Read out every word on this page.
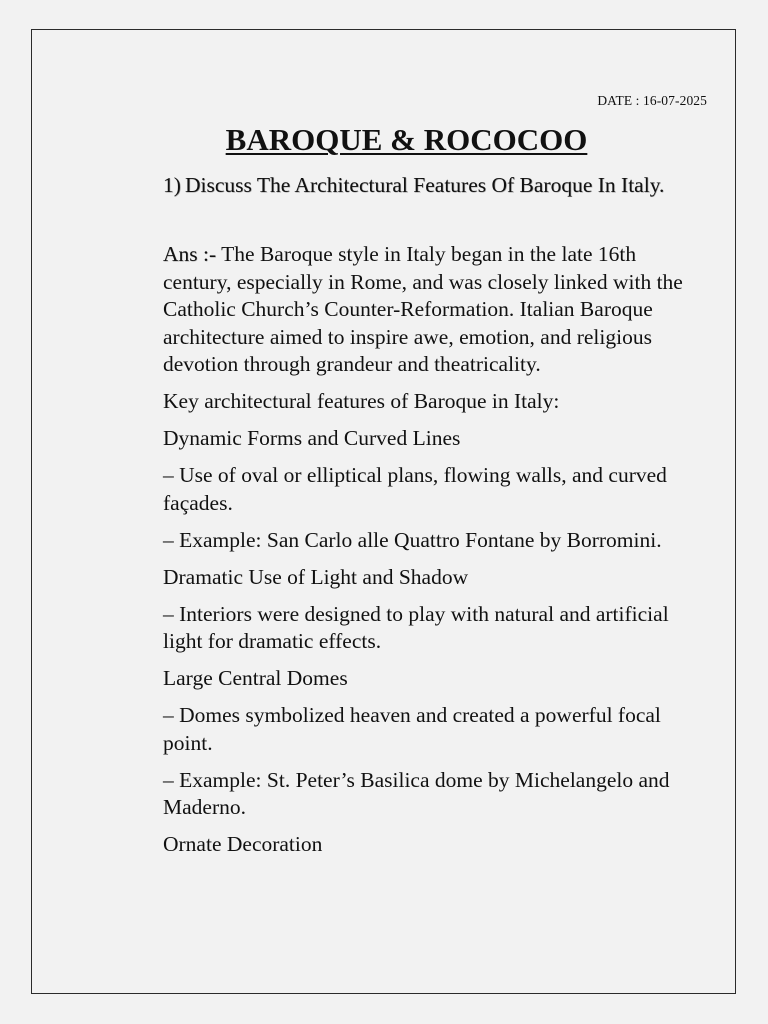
DATE : 16-07-2025
BAROQUE & ROCOCOO
1) Discuss The Architectural Features Of Baroque In Italy.

Ans :- The Baroque style in Italy began in the late 16th century, especially in Rome, and was closely linked with the Catholic Church’s Counter-Reformation. Italian Baroque architecture aimed to inspire awe, emotion, and religious devotion through grandeur and theatricality.

Key architectural features of Baroque in Italy:

Dynamic Forms and Curved Lines

– Use of oval or elliptical plans, flowing walls, and curved façades.

– Example: San Carlo alle Quattro Fontane by Borromini.

Dramatic Use of Light and Shadow

– Interiors were designed to play with natural and artificial light for dramatic effects.

Large Central Domes

– Domes symbolized heaven and created a powerful focal point.

– Example: St. Peter’s Basilica dome by Michelangelo and Maderno.

Ornate Decoration
